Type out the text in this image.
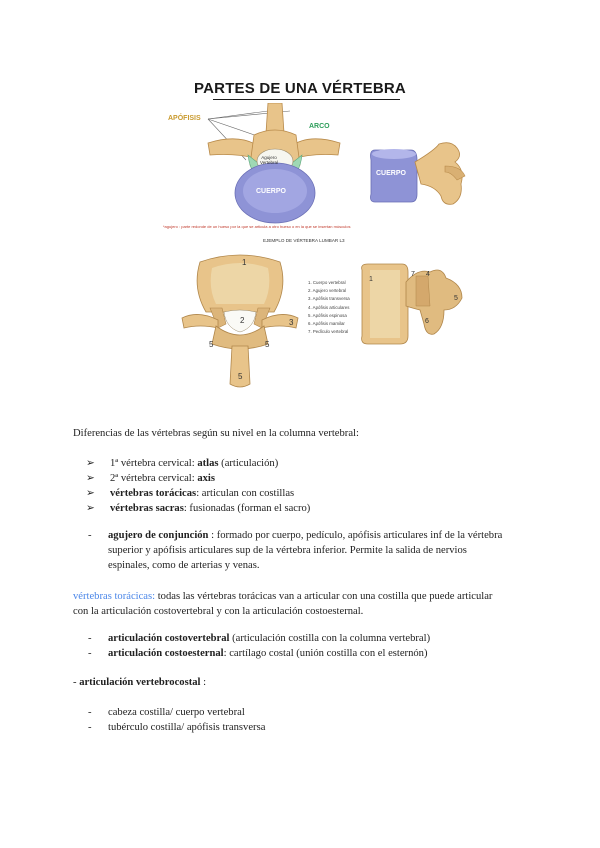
PARTES DE UNA VÉRTEBRA
APÓFISIS
ARCO
Agujero
Vertebral
CUERPO
CUERPO
*agujero : parte redonde de un hueso por la que se articula a otro hueso o en la que se insertan músculos
EJEMPLO DE VÉRTEBRA LUMBAR L3
1
2	3
5	5
5
1. Cuerpo vertebral
2. Agujero vertebral
3. Apófisis transversa
4. Apófisis articulares
5. Apófisis espinosa
6. Apófisis mamilar
7. Pedículo vertebral
1
7 4
5
6
Diferencias de las vértebras según su nivel en la columna vertebral:
➢ 1ª vértebra cervical: atlas (articulación)
➢ 2ª vértebra cervical: axis
➢ vértebras torácicas: articulan con costillas
➢ vértebras sacras: fusionadas (forman el sacro)
- agujero de conjunción : formado por cuerpo, pedículo, apófisis articulares inf de la vértebra
superior y apófisis articulares sup de la vértebra inferior. Permite la salida de nervios
espinales, como de arterias y venas.
vértebras torácicas: todas las vértebras torácicas van a articular con una costilla que puede articular
con la articulación costovertebral y con la articulación costoesternal.
- articulación costovertebral (articulación costilla con la columna vertebral)
- articulación costoesternal: cartílago costal (unión costilla con el esternón)
- articulación vertebrocostal :
- cabeza costilla/ cuerpo vertebral
- tubérculo costilla/ apófisis transversa
